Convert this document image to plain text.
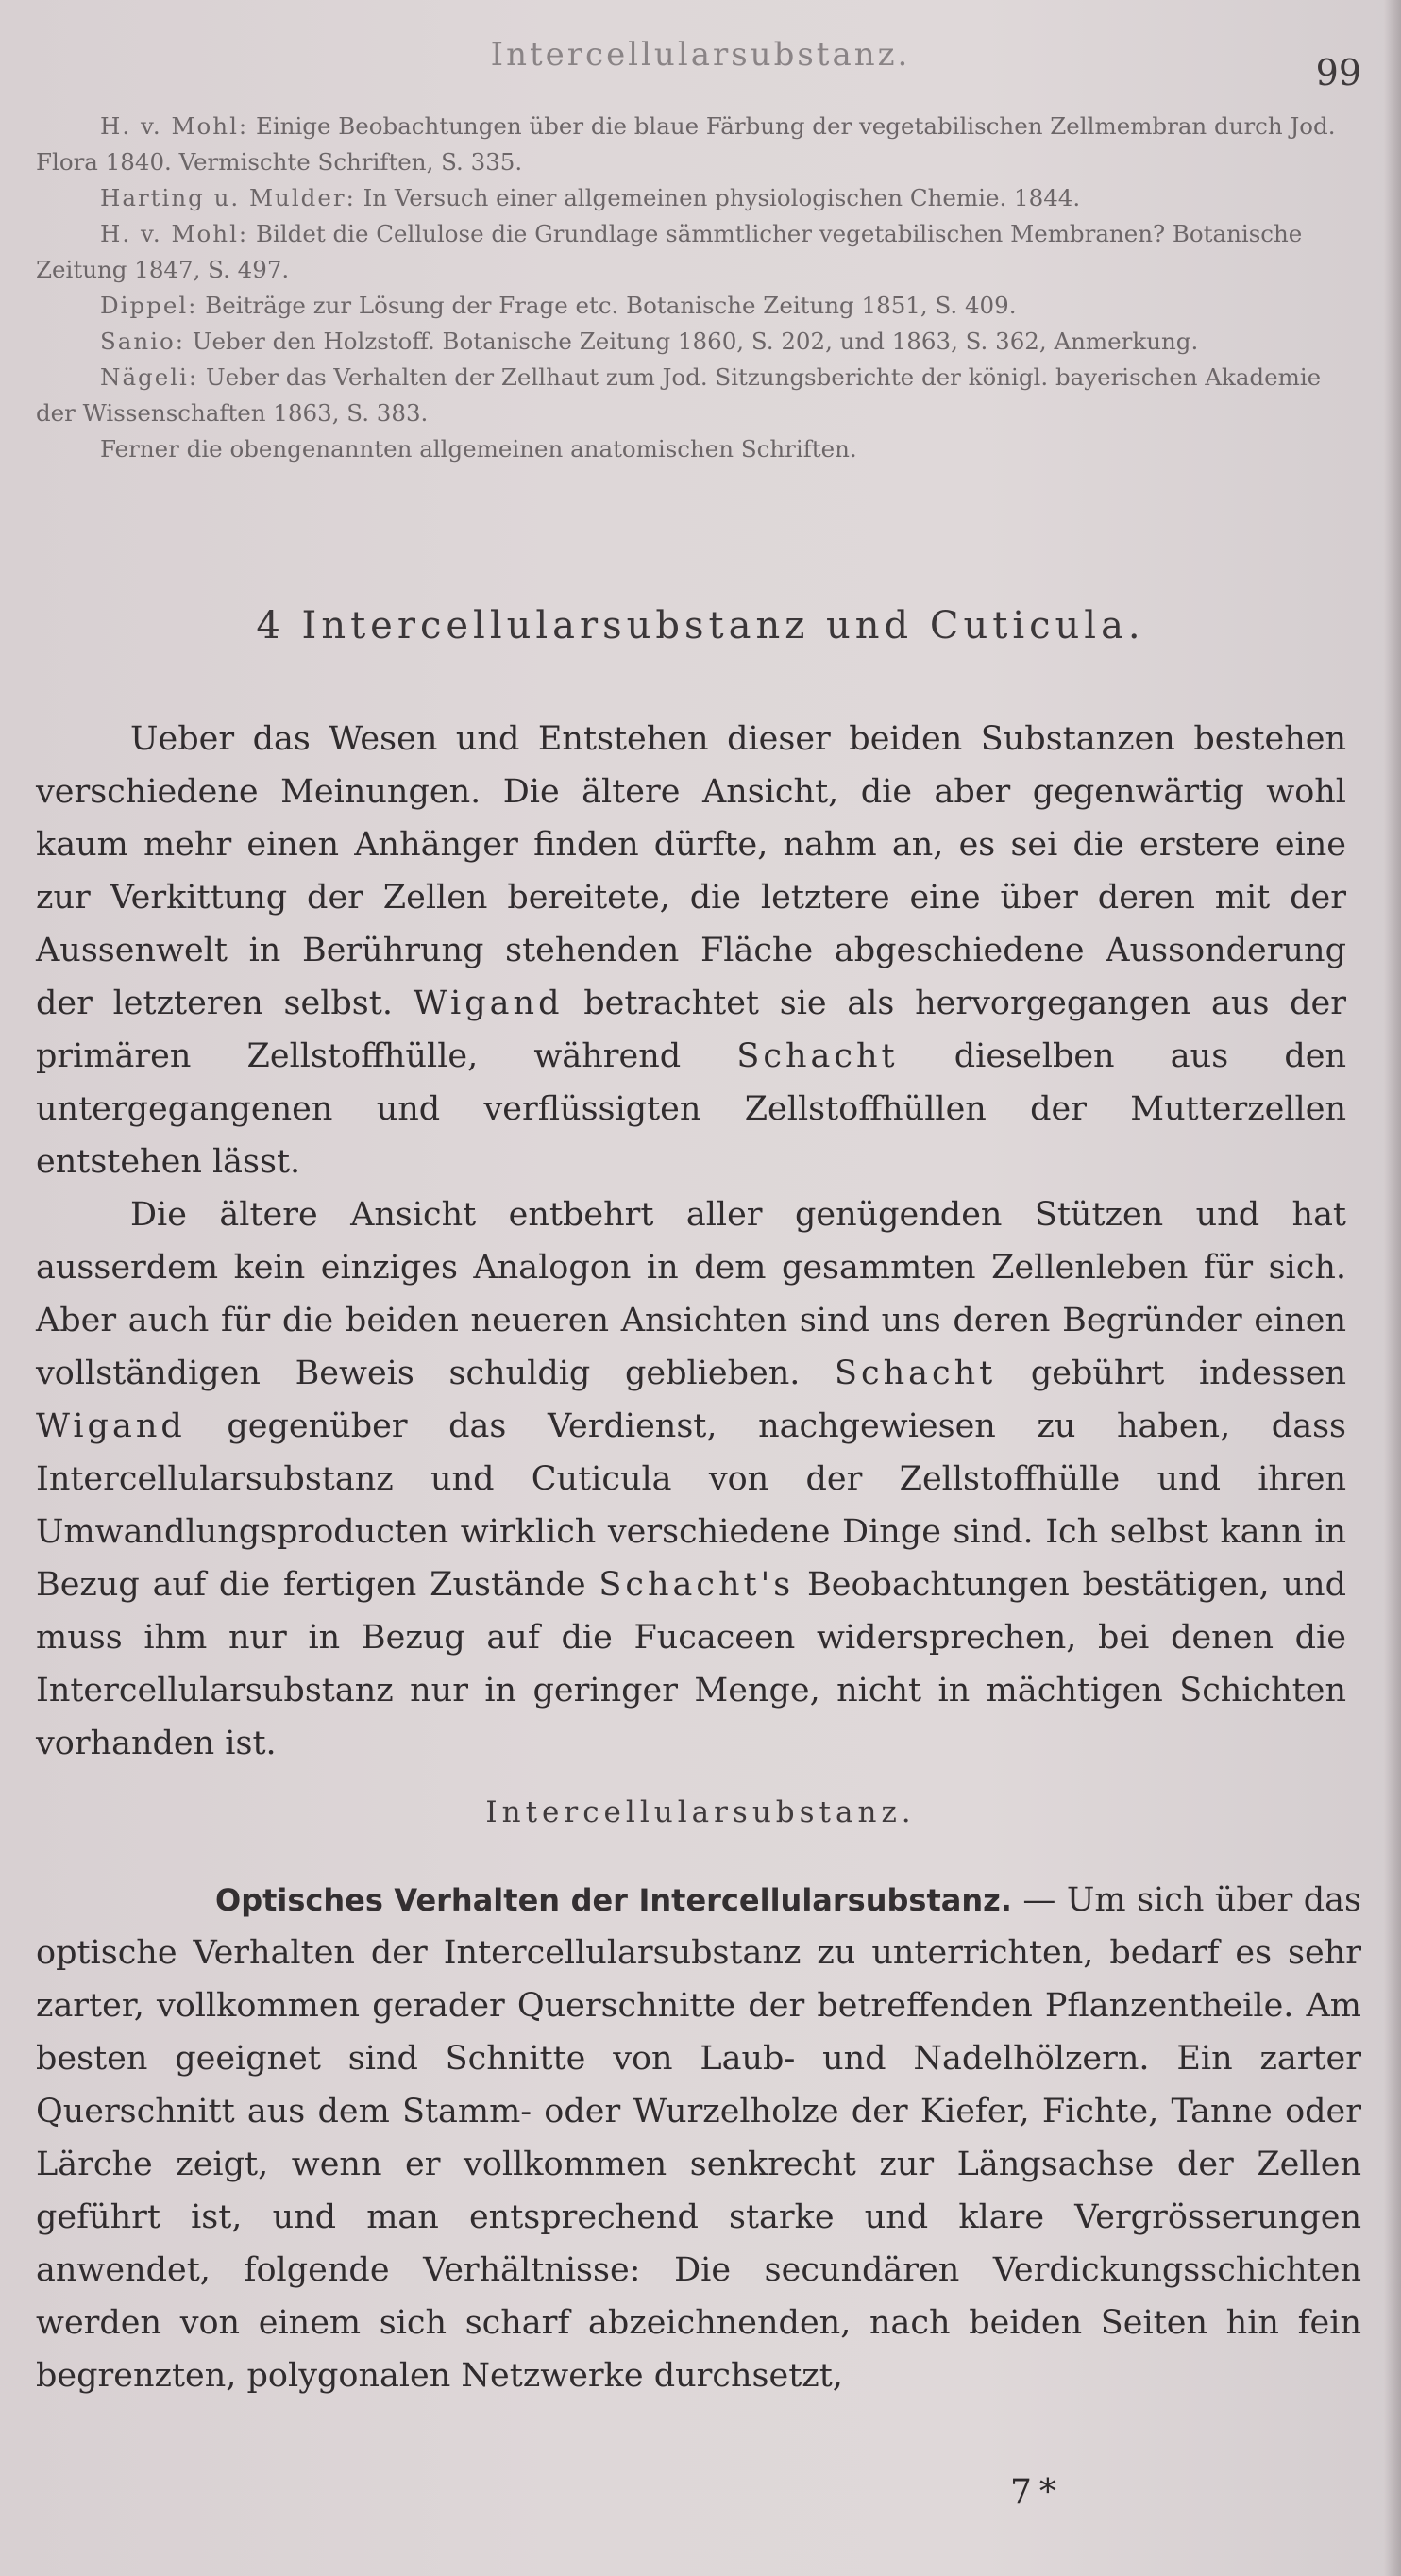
Intercellularsubstanz.	99

H. v. Mohl: Einige Beobachtungen über die blaue Färbung der vegetabilischen Zellmembran durch Jod. Flora 1840. Vermischte Schriften, S. 335.

Harting u. Mulder: In Versuch einer allgemeinen physiologischen Chemie. 1844.

H. v. Mohl: Bildet die Cellulose die Grundlage sämmtlicher vegetabilischen Membranen? Botanische Zeitung 1847, S. 497.

Dippel: Beiträge zur Lösung der Frage etc. Botanische Zeitung 1851, S. 409.

Sanio: Ueber den Holzstoff. Botanische Zeitung 1860, S. 202, und 1863, S. 362, Anmerkung.

Nägeli: Ueber das Verhalten der Zellhaut zum Jod. Sitzungsberichte der königl. bayerischen Akademie der Wissenschaften 1863, S. 383.

Ferner die obengenannten allgemeinen anatomischen Schriften.

4 Intercellularsubstanz und Cuticula.

Ueber das Wesen und Entstehen dieser beiden Substanzen bestehen verschiedene Meinungen. Die ältere Ansicht, die aber gegenwärtig wohl kaum mehr einen Anhänger finden dürfte, nahm an, es sei die erstere eine zur Verkittung der Zellen bereitete, die letztere eine über deren mit der Aussenwelt in Berührung stehenden Fläche abgeschiedene Aussonderung der letzteren selbst. Wigand betrachtet sie als hervorgegangen aus der primären Zellstoffhülle, während Schacht dieselben aus den untergegangenen und verflüssigten Zellstoffhüllen der Mutterzellen entstehen lässt.

Die ältere Ansicht entbehrt aller genügenden Stützen und hat ausserdem kein einziges Analogon in dem gesammten Zellenleben für sich. Aber auch für die beiden neueren Ansichten sind uns deren Begründer einen vollständigen Beweis schuldig geblieben. Schacht gebührt indessen Wigand gegenüber das Verdienst, nachgewiesen zu haben, dass Intercellularsubstanz und Cuticula von der Zellstoffhülle und ihren Umwandlungsproducten wirklich verschiedene Dinge sind. Ich selbst kann in Bezug auf die fertigen Zustände Schacht's Beobachtungen bestätigen, und muss ihm nur in Bezug auf die Fucaceen widersprechen, bei denen die Intercellularsubstanz nur in geringer Menge, nicht in mächtigen Schichten vorhanden ist.

Intercellularsubstanz.

Optisches Verhalten der Intercellularsubstanz. — Um sich über das optische Verhalten der Intercellularsubstanz zu unterrichten, bedarf es sehr zarter, vollkommen gerader Querschnitte der betreffenden Pflanzentheile. Am besten geeignet sind Schnitte von Laub- und Nadelhölzern. Ein zarter Querschnitt aus dem Stamm- oder Wurzelholze der Kiefer, Fichte, Tanne oder Lärche zeigt, wenn er vollkommen senkrecht zur Längsachse der Zellen geführt ist, und man entsprechend starke und klare Vergrösserungen anwendet, folgende Verhältnisse: Die secundären Verdickungsschichten werden von einem sich scharf abzeichnenden, nach beiden Seiten hin fein begrenzten, polygonalen Netzwerke durchsetzt,

7*
